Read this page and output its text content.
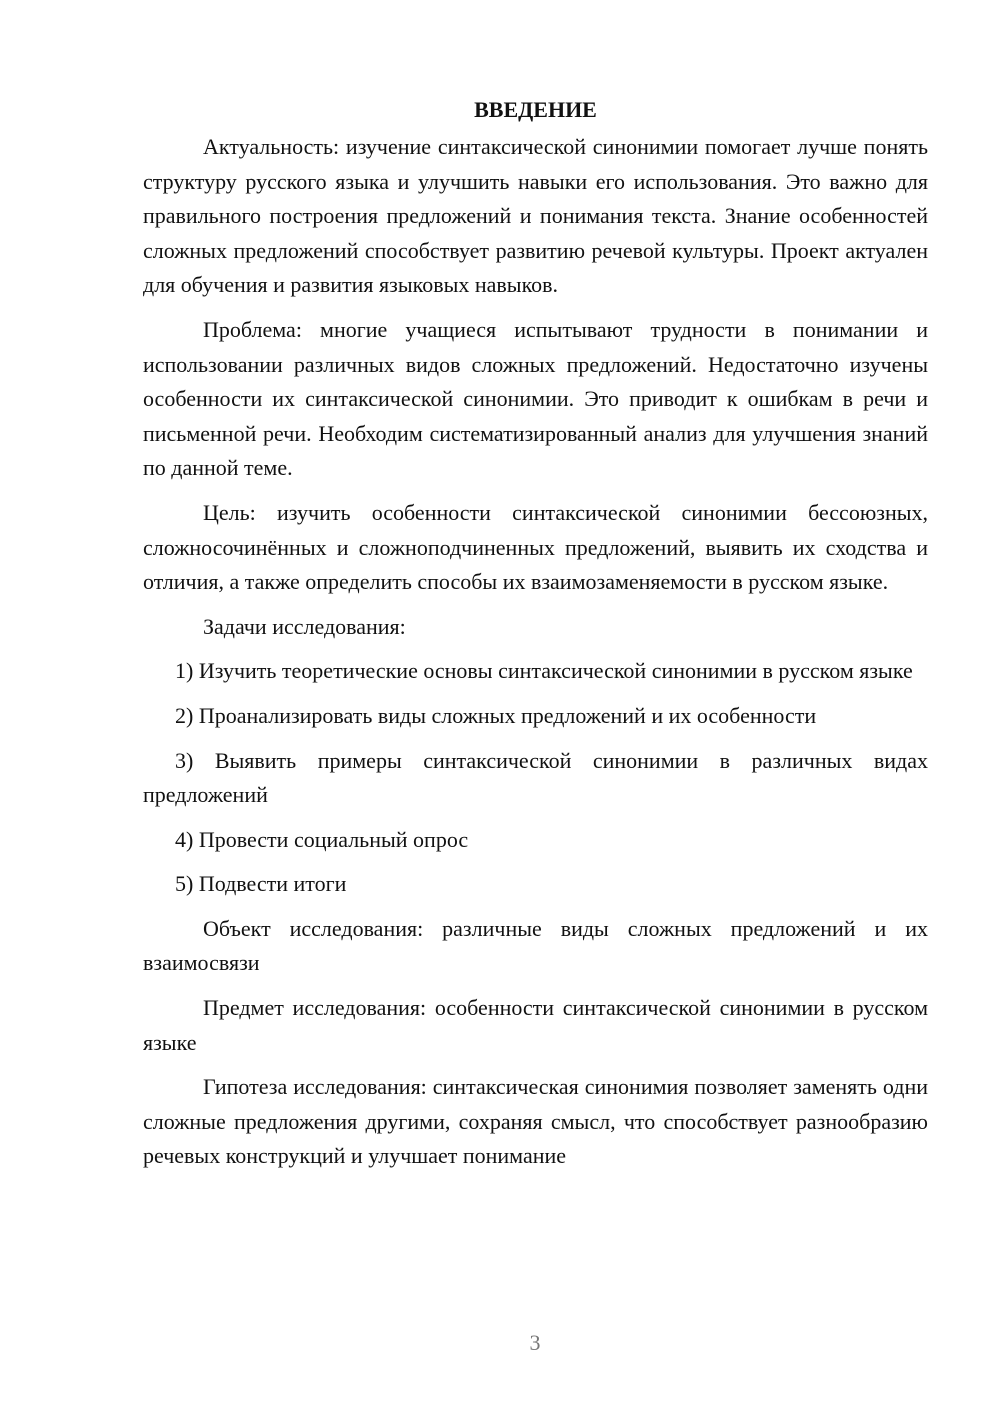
ВВЕДЕНИЕ

Актуальность: изучение синтаксической синонимии помогает лучше понять структуру русского языка и улучшить навыки его использования. Это важно для правильного построения предложений и понимания текста. Знание особенностей сложных предложений способствует развитию речевой культуры. Проект актуален для обучения и развития языковых навыков.

Проблема: многие учащиеся испытывают трудности в понимании и использовании различных видов сложных предложений. Недостаточно изучены особенности их синтаксической синонимии. Это приводит к ошибкам в речи и письменной речи. Необходим систематизированный анализ для улучшения знаний по данной теме.

Цель: изучить особенности синтаксической синонимии бессоюзных, сложносочинённых и сложноподчиненных предложений, выявить их сходства и отличия, а также определить способы их взаимозаменяемости в русском языке.

Задачи исследования:

1) Изучить теоретические основы синтаксической синонимии в русском языке

2) Проанализировать виды сложных предложений и их особенности

3) Выявить примеры синтаксической синонимии в различных видах предложений

4) Провести социальный опрос

5) Подвести итоги

Объект исследования: различные виды сложных предложений и их взаимосвязи

Предмет исследования: особенности синтаксической синонимии в русском языке

Гипотеза исследования: синтаксическая синонимия позволяет заменять одни сложные предложения другими, сохраняя смысл, что способствует разнообразию речевых конструкций и улучшает понимание

3
